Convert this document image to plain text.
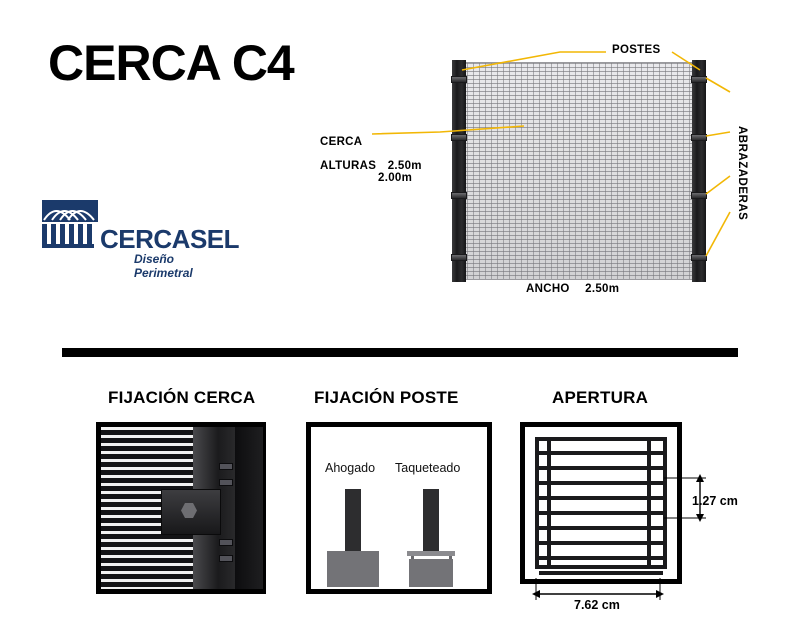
CERCA C4
CERCASEL
Diseño Perimetral
POSTES
CERCA
ALTURAS 2.50m
2.00m	ABRAZADERAS
ANCHO 2.50m
FIJACIÓN CERCA	FIJACIÓN POSTE	APERTURA
Ahogado Taqueteado
1.27 cm
7.62 cm
